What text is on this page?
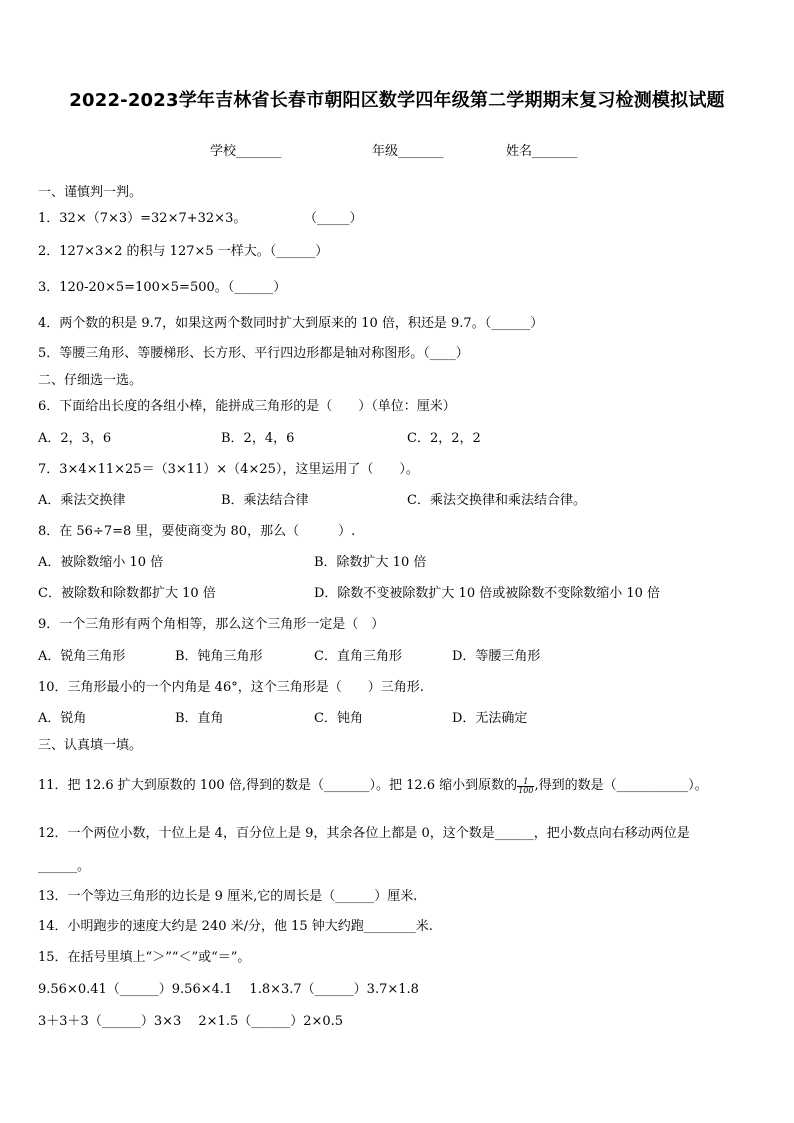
2022-2023学年吉林省长春市朝阳区数学四年级第二学期期末复习检测模拟试题
学校_______	年级_______	姓名_______
一、谨慎判一判。
1．32×（7×3）=32×7+32×3。	（_____）
2．127×3×2 的积与 127×5 一样大。（______）
3．120-20×5=100×5=500。（______）
4．两个数的积是 9.7，如果这两个数同时扩大到原来的 10 倍，积还是 9.7。（______）
5．等腰三角形、等腰梯形、长方形、平行四边形都是轴对称图形。（____）
二、仔细选一选。
6．下面给出长度的各组小棒，能拼成三角形的是（　　）（单位：厘米）
A．2，3，6	B．2，4，6	C．2，2，2
7．3×4×11×25＝（3×11）×（4×25），这里运用了（　　）。
A．乘法交换律	B．乘法结合律	C．乘法交换律和乘法结合律。
8．在 56÷7=8 里，要使商变为 80，那么（　　　）.
A．被除数缩小 10 倍	B．除数扩大 10 倍
C．被除数和除数都扩大 10 倍	D．除数不变被除数扩大 10 倍或被除数不变除数缩小 10 倍
9．一个三角形有两个角相等，那么这个三角形一定是（　）
A．锐角三角形	B．钝角三角形	C．直角三角形	D．等腰三角形
10．三角形最小的一个内角是 46°，这个三角形是（　　）三角形.
A．锐角	B．直角	C．钝角	D．无法确定
三、认真填一填。
11．把 12.6 扩大到原数的 100 倍,得到的数是（_______）。把 12.6 缩小到原数的 $\frac{1}{100}$ ,得到的数是（___________）。
12．一个两位小数，十位上是 4，百分位上是 9，其余各位上都是 0，这个数是______，把小数点向右移动两位是
______。
13．一个等边三角形的边长是 9 厘米,它的周长是（______）厘米.
14．小明跑步的速度大约是 240 米/分，他 15 钟大约跑________米.
15．在括号里填上“＞”“＜”或“＝”。
9.56×0.41（______）9.56×4.1　 1.8×3.7（______）3.7×1.8
3＋3＋3（______）3×3　 2×1.5（______）2×0.5
